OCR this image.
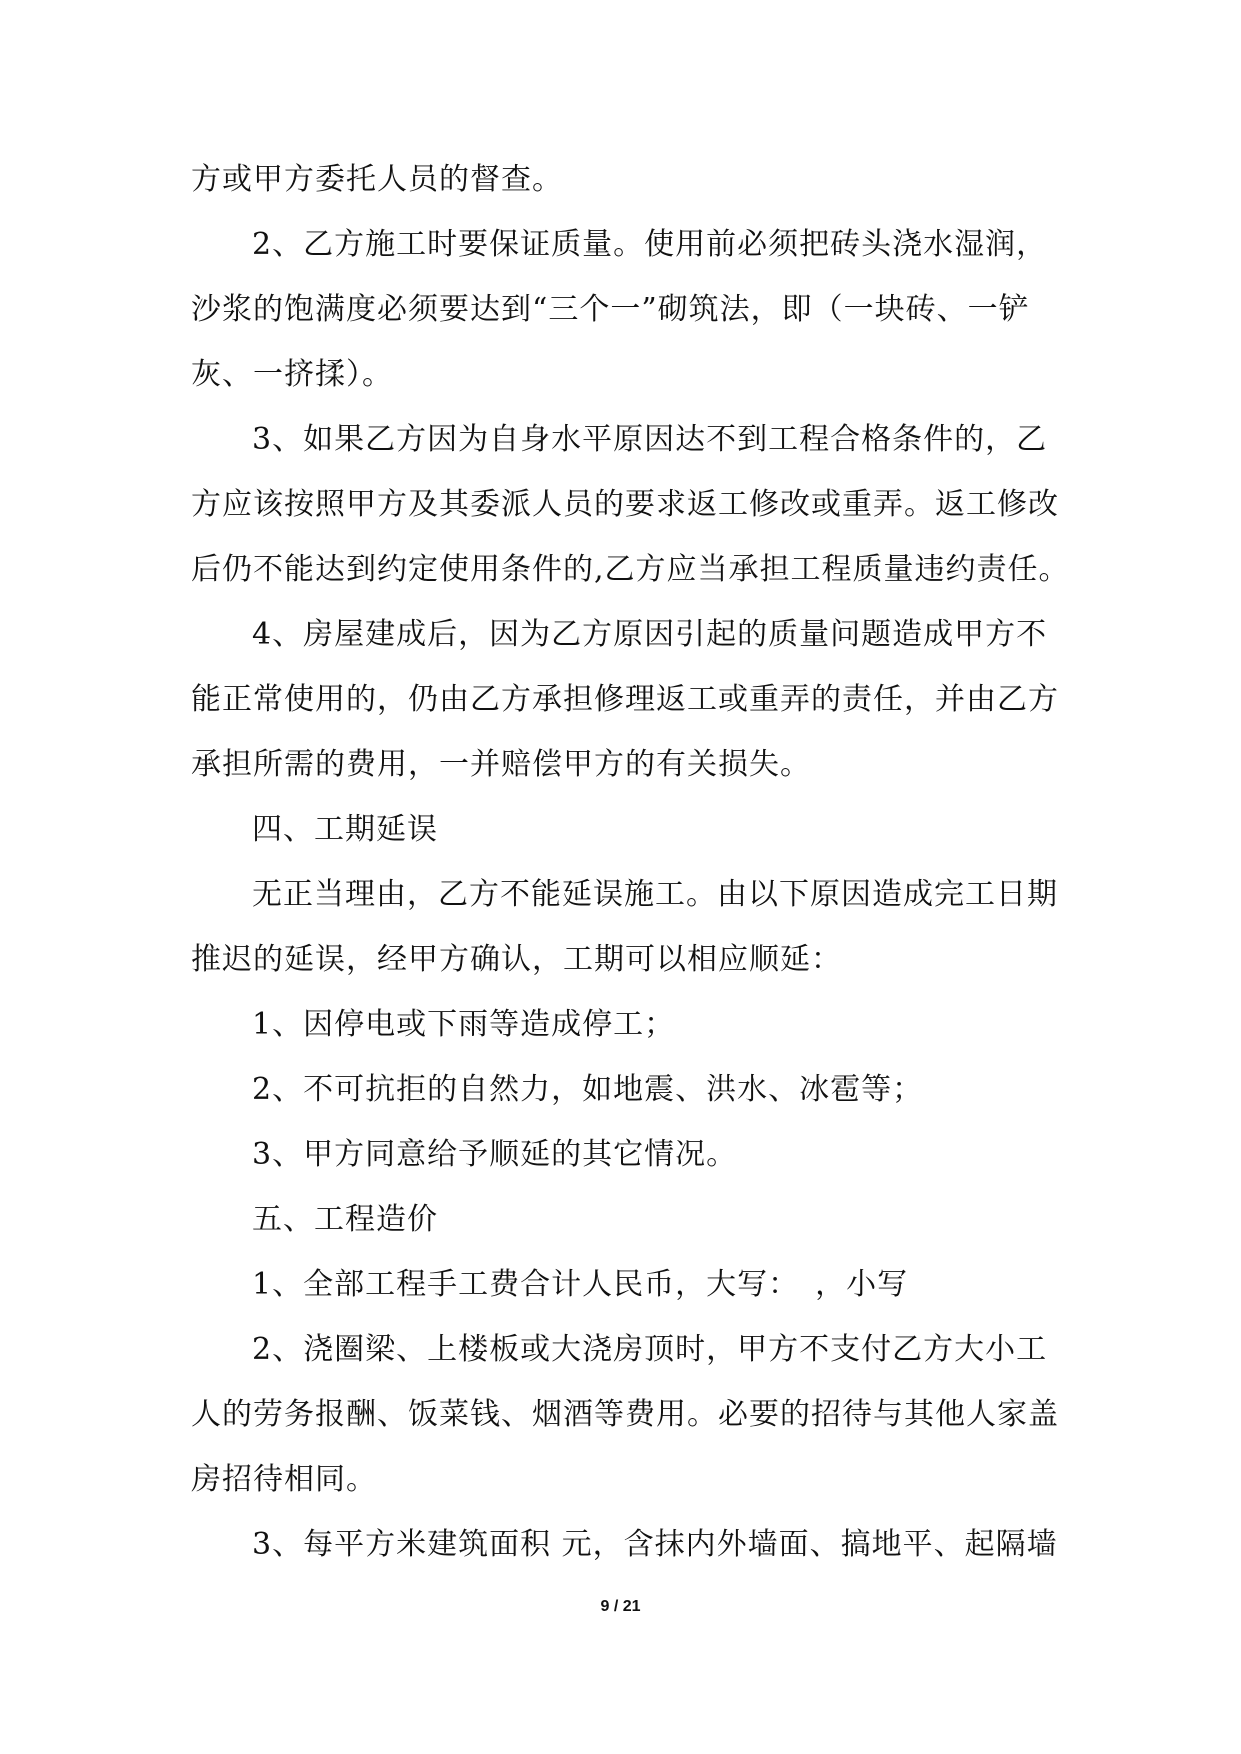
方或甲方委托人员的督查。
2、乙方施工时要保证质量。使用前必须把砖头浇水湿润，
沙浆的饱满度必须要达到“三个一”砌筑法，即（一块砖、一铲
灰、一挤揉）。
3、如果乙方因为自身水平原因达不到工程合格条件的，乙
方应该按照甲方及其委派人员的要求返工修改或重弄。返工修改
后仍不能达到约定使用条件的,乙方应当承担工程质量违约责任。
4、房屋建成后，因为乙方原因引起的质量问题造成甲方不
能正常使用的，仍由乙方承担修理返工或重弄的责任，并由乙方
承担所需的费用，一并赔偿甲方的有关损失。
四、工期延误
无正当理由，乙方不能延误施工。由以下原因造成完工日期
推迟的延误，经甲方确认，工期可以相应顺延：
1、因停电或下雨等造成停工；
2、不可抗拒的自然力，如地震、洪水、冰雹等；
3、甲方同意给予顺延的其它情况。
五、工程造价
1、全部工程手工费合计人民币，大写：　，小写
2、浇圈梁、上楼板或大浇房顶时，甲方不支付乙方大小工
人的劳务报酬、饭菜钱、烟酒等费用。必要的招待与其他人家盖
房招待相同。
3、每平方米建筑面积 元，含抹内外墙面、搞地平、起隔墙
9 / 21
